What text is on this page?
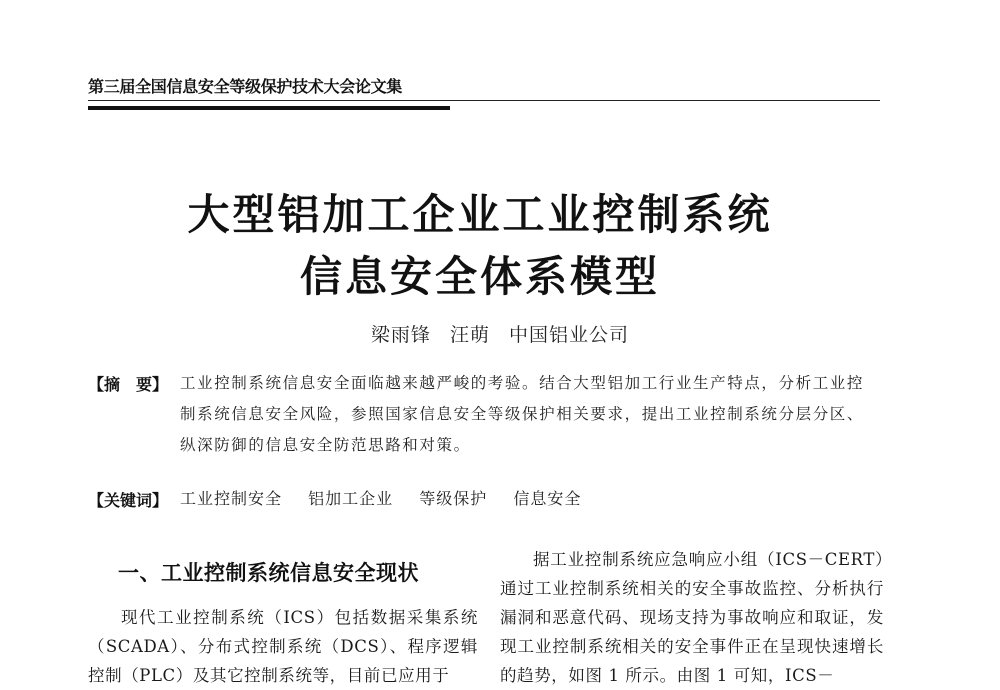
第三届全国信息安全等级保护技术大会论文集
大型铝加工企业工业控制系统
信息安全体系模型
梁雨锋 汪萌 中国铝业公司
【摘　要】 工业控制系统信息安全面临越来越严峻的考验。结合大型铝加工行业生产特点，分析工业控制系统信息安全风险，参照国家信息安全等级保护相关要求，提出工业控制系统分层分区、纵深防御的信息安全防范思路和对策。
【关键词】 工业控制安全 铝加工企业 等级保护 信息安全
一、工业控制系统信息安全现状

现代工业控制系统（ICS）包括数据采集系统（SCADA）、分布式控制系统（DCS）、程序逻辑控制（PLC）及其它控制系统等，目前已应用于

据工业控制系统应急响应小组（ICS－CERT）通过工业控制系统相关的安全事故监控、分析执行漏洞和恶意代码、现场支持为事故响应和取证，发现工业控制系统相关的安全事件正在呈现快速增长的趋势，如图 1 所示。由图 1 可知，ICS－
